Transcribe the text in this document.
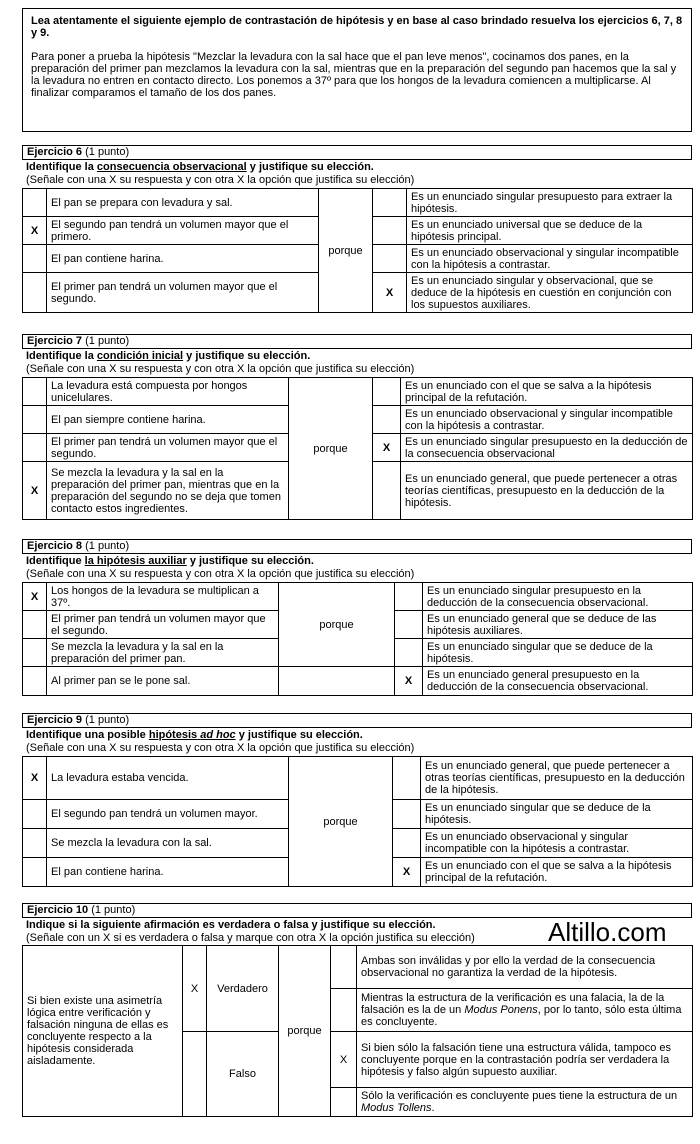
Lea atentamente el siguiente ejemplo de contrastación de hipótesis y en base al caso brindado resuelva los ejercicios 6, 7, 8 y 9.

Para poner a prueba la hipótesis "Mezclar la levadura con la sal hace que el pan leve menos", cocinamos dos panes, en la preparación del primer pan mezclamos la levadura con la sal, mientras que en la preparación del segundo pan hacemos que la sal y la levadura no entren en contacto directo. Los ponemos a 37º para que los hongos de la levadura comiencen a multiplicarse. Al finalizar comparamos el tamaño de los dos panes.

Ejercicio 6 (1 punto)
Identifique la consecuencia observacional y justifique su elección.
(Señale con una X su respuesta y con otra X la opción que justifica su elección)
	El pan se prepara con levadura y sal.	porque		Es un enunciado singular presupuesto para extraer la hipótesis.
X	El segundo pan tendrá un volumen mayor que el primero.			Es un enunciado universal que se deduce de la hipótesis principal.
	El pan contiene harina.			Es un enunciado observacional y singular incompatible con la hipótesis a contrastar.
	El primer pan tendrá un volumen mayor que el segundo.		X	Es un enunciado singular y observacional, que se deduce de la hipótesis en cuestión en conjunción con los supuestos auxiliares.
Ejercicio 7 (1 punto)
Identifique la condición inicial y justifique su elección.
(Señale con una X su respuesta y con otra X la opción que justifica su elección)
	La levadura está compuesta por hongos unicelulares.	porque		Es un enunciado con el que se salva a la hipótesis principal de la refutación.
	El pan siempre contiene harina.			Es un enunciado observacional y singular incompatible con la hipótesis a contrastar.
	El primer pan tendrá un volumen mayor que el segundo.		X	Es un enunciado singular presupuesto en la deducción de la consecuencia observacional
X	Se mezcla la levadura y la sal en la preparación del primer pan, mientras que en la preparación del segundo no se deja que tomen contacto estos ingredientes.			Es un enunciado general, que puede pertenecer a otras teorías científicas, presupuesto en la deducción de la hipótesis.
Ejercicio 8 (1 punto)
Identifique la hipótesis auxiliar y justifique su elección.
(Señale con una X su respuesta y con otra X la opción que justifica su elección)
X	Los hongos de la levadura se multiplican a 37º.	porque		Es un enunciado singular presupuesto en la deducción de la consecuencia observacional.
	El primer pan tendrá un volumen mayor que el segundo.			Es un enunciado general que se deduce de las hipótesis auxiliares.
	Se mezcla la levadura y la sal en la preparación del primer pan.			Es un enunciado singular que se deduce de la hipótesis.
	Al primer pan se le pone sal.		X	Es un enunciado general presupuesto en la deducción de la consecuencia observacional.
Ejercicio 9 (1 punto)
Identifique una posible hipótesis ad hoc y justifique su elección.
(Señale con una X su respuesta y con otra X la opción que justifica su elección)
X	La levadura estaba vencida.	porque		Es un enunciado general, que puede pertenecer a otras teorías científicas, presupuesto en la deducción de la hipótesis.
	El segundo pan tendrá un volumen mayor.			Es un enunciado singular que se deduce de la hipótesis.
	Se mezcla la levadura con la sal.			Es un enunciado observacional y singular incompatible con la hipótesis a contrastar.
	El pan contiene harina.		X	Es un enunciado con el que se salva a la hipótesis principal de la refutación.
Ejercicio 10 (1 punto)
Indique si la siguiente afirmación es verdadera o falsa y justifique su elección.
(Señale con un X si es verdadera o falsa y marque con otra X la opción justifica su elección)	Altillo.com
Si bien existe una asimetría lógica entre verificación y falsación ninguna de ellas es concluyente respecto a la hipótesis considerada aisladamente.	X	Verdadero	porque		Ambas son inválidas y por ello la verdad de la consecuencia observacional no garantiza la verdad de la hipótesis.
					Mientras la estructura de la verificación es una falacia, la de la falsación es la de un Modus Ponens, por lo tanto, sólo esta última es concluyente.
		Falso		X	Si bien sólo la falsación tiene una estructura válida, tampoco es concluyente porque en la contrastación podría ser verdadera la hipótesis y falso algún supuesto auxiliar.
					Sólo la verificación es concluyente pues tiene la estructura de un Modus Tollens.
